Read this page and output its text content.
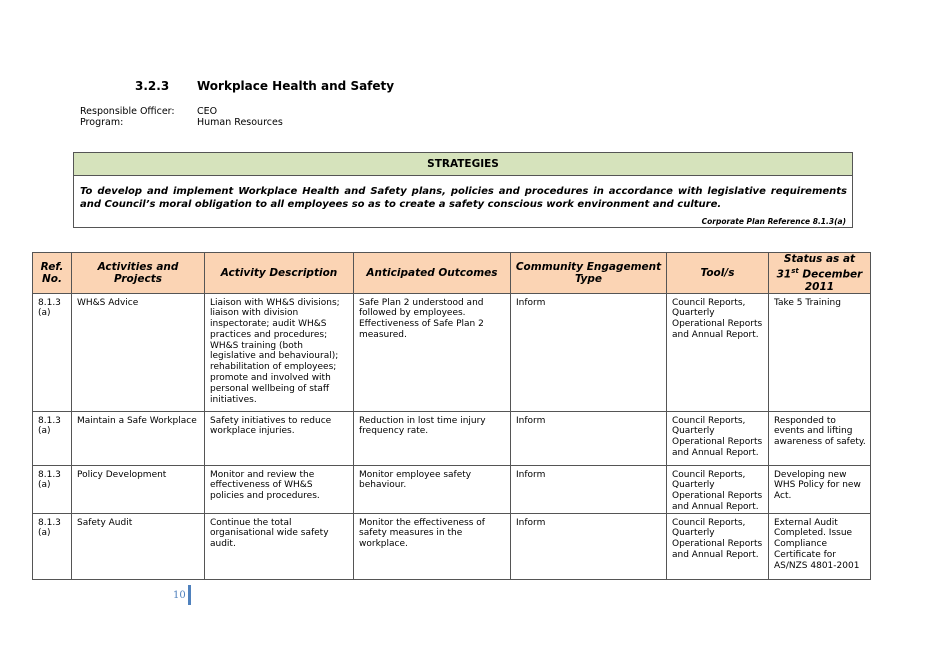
3.2.3 Workplace Health and Safety
Responsible Officer: CEO
Program:	Human Resources
STRATEGIES
To develop and implement Workplace Health and Safety plans, policies and procedures in accordance with legislative requirements and Council’s moral obligation to all employees so as to create a safety conscious work environment and culture.
Corporate Plan Reference 8.1.3(a)
Ref. No.	Activities and Projects	Activity Description	Anticipated Outcomes	Community Engagement Type	Tool/s	Status as at 31st December 2011
8.1.3 (a)	WH&S Advice	Liaison with WH&S divisions; liaison with division inspectorate; audit WH&S practices and procedures; WH&S training (both legislative and behavioural); rehabilitation of employees; promote and involved with personal wellbeing of staff initiatives.	Safe Plan 2 understood and followed by employees. Effectiveness of Safe Plan 2 measured.	Inform	Council Reports, Quarterly Operational Reports and Annual Report.	Take 5 Training
8.1.3 (a)	Maintain a Safe Workplace	Safety initiatives to reduce workplace injuries.	Reduction in lost time injury frequency rate.	Inform	Council Reports, Quarterly Operational Reports and Annual Report.	Responded to events and lifting awareness of safety.
8.1.3 (a)	Policy Development	Monitor and review the effectiveness of WH&S policies and procedures.	Monitor employee safety behaviour.	Inform	Council Reports, Quarterly Operational Reports and Annual Report.	Developing new WHS Policy for new Act.
8.1.3 (a)	Safety Audit	Continue the total organisational wide safety audit.	Monitor the effectiveness of safety measures in the workplace.	Inform	Council Reports, Quarterly Operational Reports and Annual Report.	External Audit Completed. Issue Compliance Certificate for AS/NZS 4801-2001
10
